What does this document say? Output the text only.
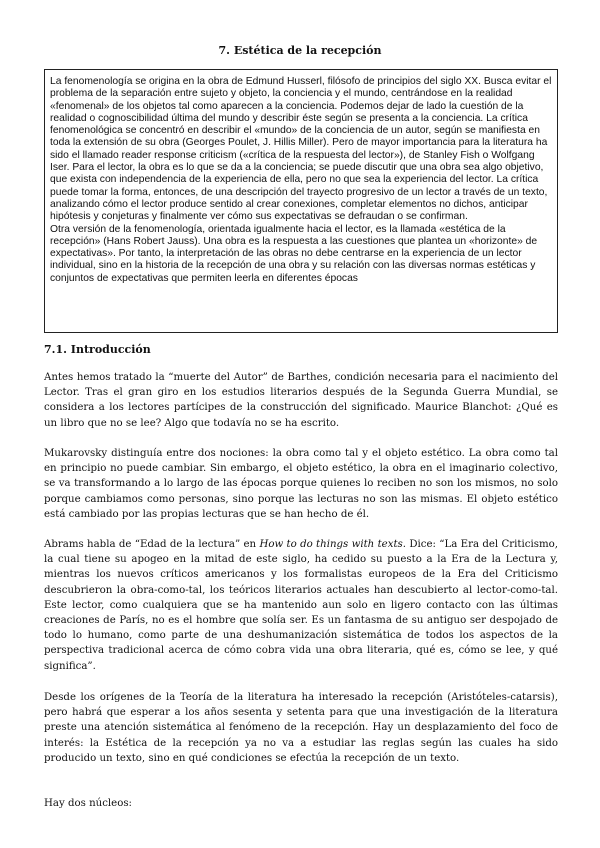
7. Estética de la recepción

La fenomenología se origina en la obra de Edmund Husserl, filósofo de principios del siglo XX. Busca evitar el problema de la separación entre sujeto y objeto, la conciencia y el mundo, centrándose en la realidad «fenomenal» de los objetos tal como aparecen a la conciencia. Podemos dejar de lado la cuestión de la realidad o cognoscibilidad última del mundo y describir éste según se presenta a la conciencia. La crítica fenomenológica se concentró en describir el «mundo» de la conciencia de un autor, según se manifiesta en toda la extensión de su obra (Georges Poulet, J. Hillis Miller). Pero de mayor importancia para la literatura ha sido el llamado reader response criticism («crítica de la respuesta del lector»), de Stanley Fish o Wolfgang Iser. Para el lector, la obra es lo que se da a la conciencia; se puede discutir que una obra sea algo objetivo, que exista con independencia de la experiencia de ella, pero no que sea la experiencia del lector. La crítica puede tomar la forma, entonces, de una descripción del trayecto progresivo de un lector a través de un texto, analizando cómo el lector produce sentido al crear conexiones, completar elementos no dichos, anticipar hipótesis y conjeturas y finalmente ver cómo sus expectativas se defraudan o se confirman.

Otra versión de la fenomenología, orientada igualmente hacia el lector, es la llamada «estética de la recepción» (Hans Robert Jauss). Una obra es la respuesta a las cuestiones que plantea un «horizonte» de expectativas». Por tanto, la interpretación de las obras no debe centrarse en la experiencia de un lector individual, sino en la historia de la recepción de una obra y su relación con las diversas normas estéticas y conjuntos de expectativas que permiten leerla en diferentes épocas

7.1. Introducción

Antes hemos tratado la “muerte del Autor” de Barthes, condición necesaria para el nacimiento del Lector. Tras el gran giro en los estudios literarios después de la Segunda Guerra Mundial, se considera a los lectores partícipes de la construcción del significado. Maurice Blanchot: ¿Qué es un libro que no se lee? Algo que todavía no se ha escrito.

Mukarovsky distinguía entre dos nociones: la obra como tal y el objeto estético. La obra como tal en principio no puede cambiar. Sin embargo, el objeto estético, la obra en el imaginario colectivo, se va transformando a lo largo de las épocas porque quienes lo reciben no son los mismos, no solo porque cambiamos como personas, sino porque las lecturas no son las mismas. El objeto estético está cambiado por las propias lecturas que se han hecho de él.

Abrams habla de “Edad de la lectura” en How to do things with texts. Dice: “La Era del Criticismo, la cual tiene su apogeo en la mitad de este siglo, ha cedido su puesto a la Era de la Lectura y, mientras los nuevos críticos americanos y los formalistas europeos de la Era del Criticismo descubrieron la obra-como-tal, los teóricos literarios actuales han descubierto al lector-como-tal. Este lector, como cualquiera que se ha mantenido aun solo en ligero contacto con las últimas creaciones de París, no es el hombre que solía ser. Es un fantasma de su antiguo ser despojado de todo lo humano, como parte de una deshumanización sistemática de todos los aspectos de la perspectiva tradicional acerca de cómo cobra vida una obra literaria, qué es, cómo se lee, y qué significa”.

Desde los orígenes de la Teoría de la literatura ha interesado la recepción (Aristóteles-catarsis), pero habrá que esperar a los años sesenta y setenta para que una investigación de la literatura preste una atención sistemática al fenómeno de la recepción. Hay un desplazamiento del foco de interés: la Estética de la recepción ya no va a estudiar las reglas según las cuales ha sido producido un texto, sino en qué condiciones se efectúa la recepción de un texto.

Hay dos núcleos:
